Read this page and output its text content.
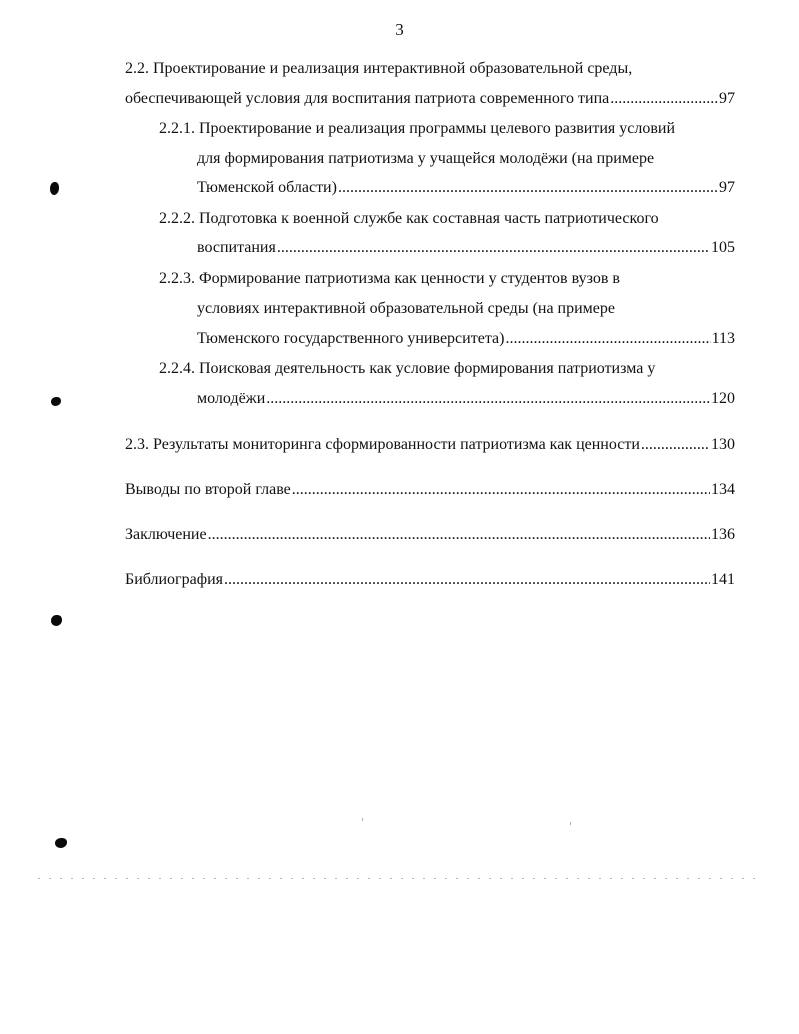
3
2.2. Проектирование и реализация интерактивной образовательной среды,
обеспечивающей условия для воспитания патриота современного типа .....	97
2.2.1. Проектирование и реализация программы целевого развития условий
для формирования патриотизма у учащейся молодёжи (на примере
Тюменской области) .....	97
2.2.2. Подготовка к военной службе как составная часть патриотического
воспитания .....	105
2.2.3. Формирование патриотизма как ценности у студентов вузов в
условиях интерактивной образовательной среды (на примере
Тюменского государственного университета) .....	113
2.2.4. Поисковая деятельность как условие формирования патриотизма у
молодёжи .....	120
2.3. Результаты мониторинга сформированности патриотизма как ценности .....	130
Выводы по второй главе .....	134
Заключение .....	136
Библиография .....	141
